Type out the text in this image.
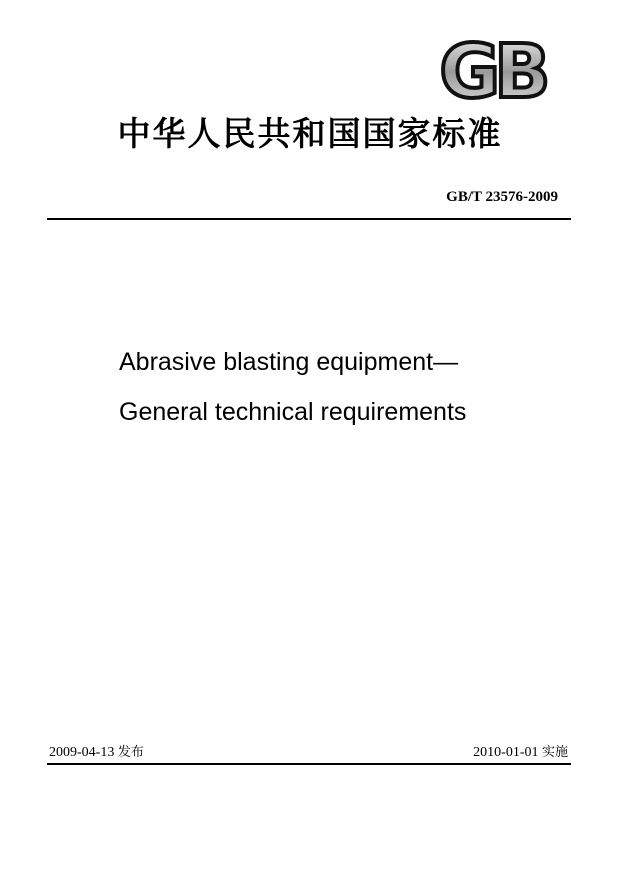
GB
中华人民共和国国家标准
GB/T 23576-2009
Abrasive blasting equipment—
General technical requirements
2009-04-13 发布	2010-01-01 实施
